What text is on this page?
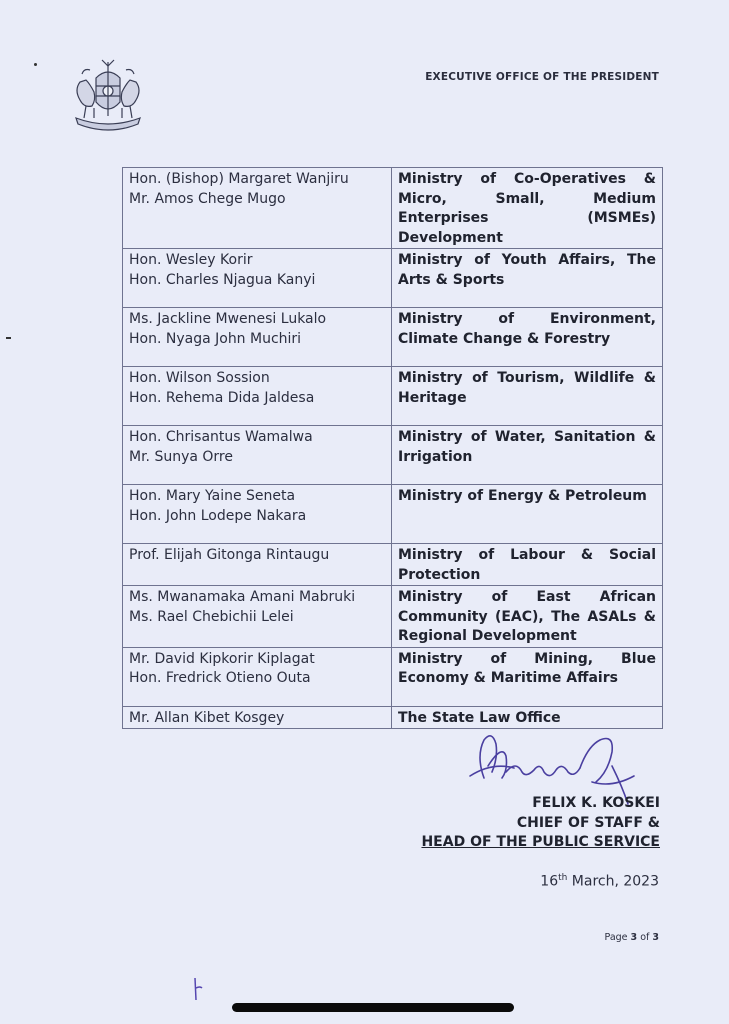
EXECUTIVE OFFICE OF THE PRESIDENT
Hon. (Bishop) Margaret Wanjiru
Mr. Amos Chege Mugo	Ministry of Co-Operatives & Micro, Small, Medium Enterprises (MSMEs) Development

Hon. Wesley Korir
Hon. Charles Njagua Kanyi	Ministry of Youth Affairs, The Arts & Sports

Ms. Jackline Mwenesi Lukalo
Hon. Nyaga John Muchiri	Ministry of Environment, Climate Change & Forestry

Hon. Wilson Sossion
Hon. Rehema Dida Jaldesa	Ministry of Tourism, Wildlife & Heritage

Hon. Chrisantus Wamalwa
Mr. Sunya Orre	Ministry of Water, Sanitation & Irrigation

Hon. Mary Yaine Seneta
Hon. John Lodepe Nakara	Ministry of Energy & Petroleum

Prof. Elijah Gitonga Rintaugu	Ministry of Labour & Social Protection

Ms. Mwanamaka Amani Mabruki
Ms. Rael Chebichii Lelei	Ministry of East African Community (EAC), The ASALs & Regional Development

Mr. David Kipkorir Kiplagat
Hon. Fredrick Otieno Outa	Ministry of Mining, Blue Economy & Maritime Affairs

Mr. Allan Kibet Kosgey	The State Law Office
FELIX K. KOSKEI
CHIEF OF STAFF &
HEAD OF THE PUBLIC SERVICE
16th March, 2023
Page 3 of 3
